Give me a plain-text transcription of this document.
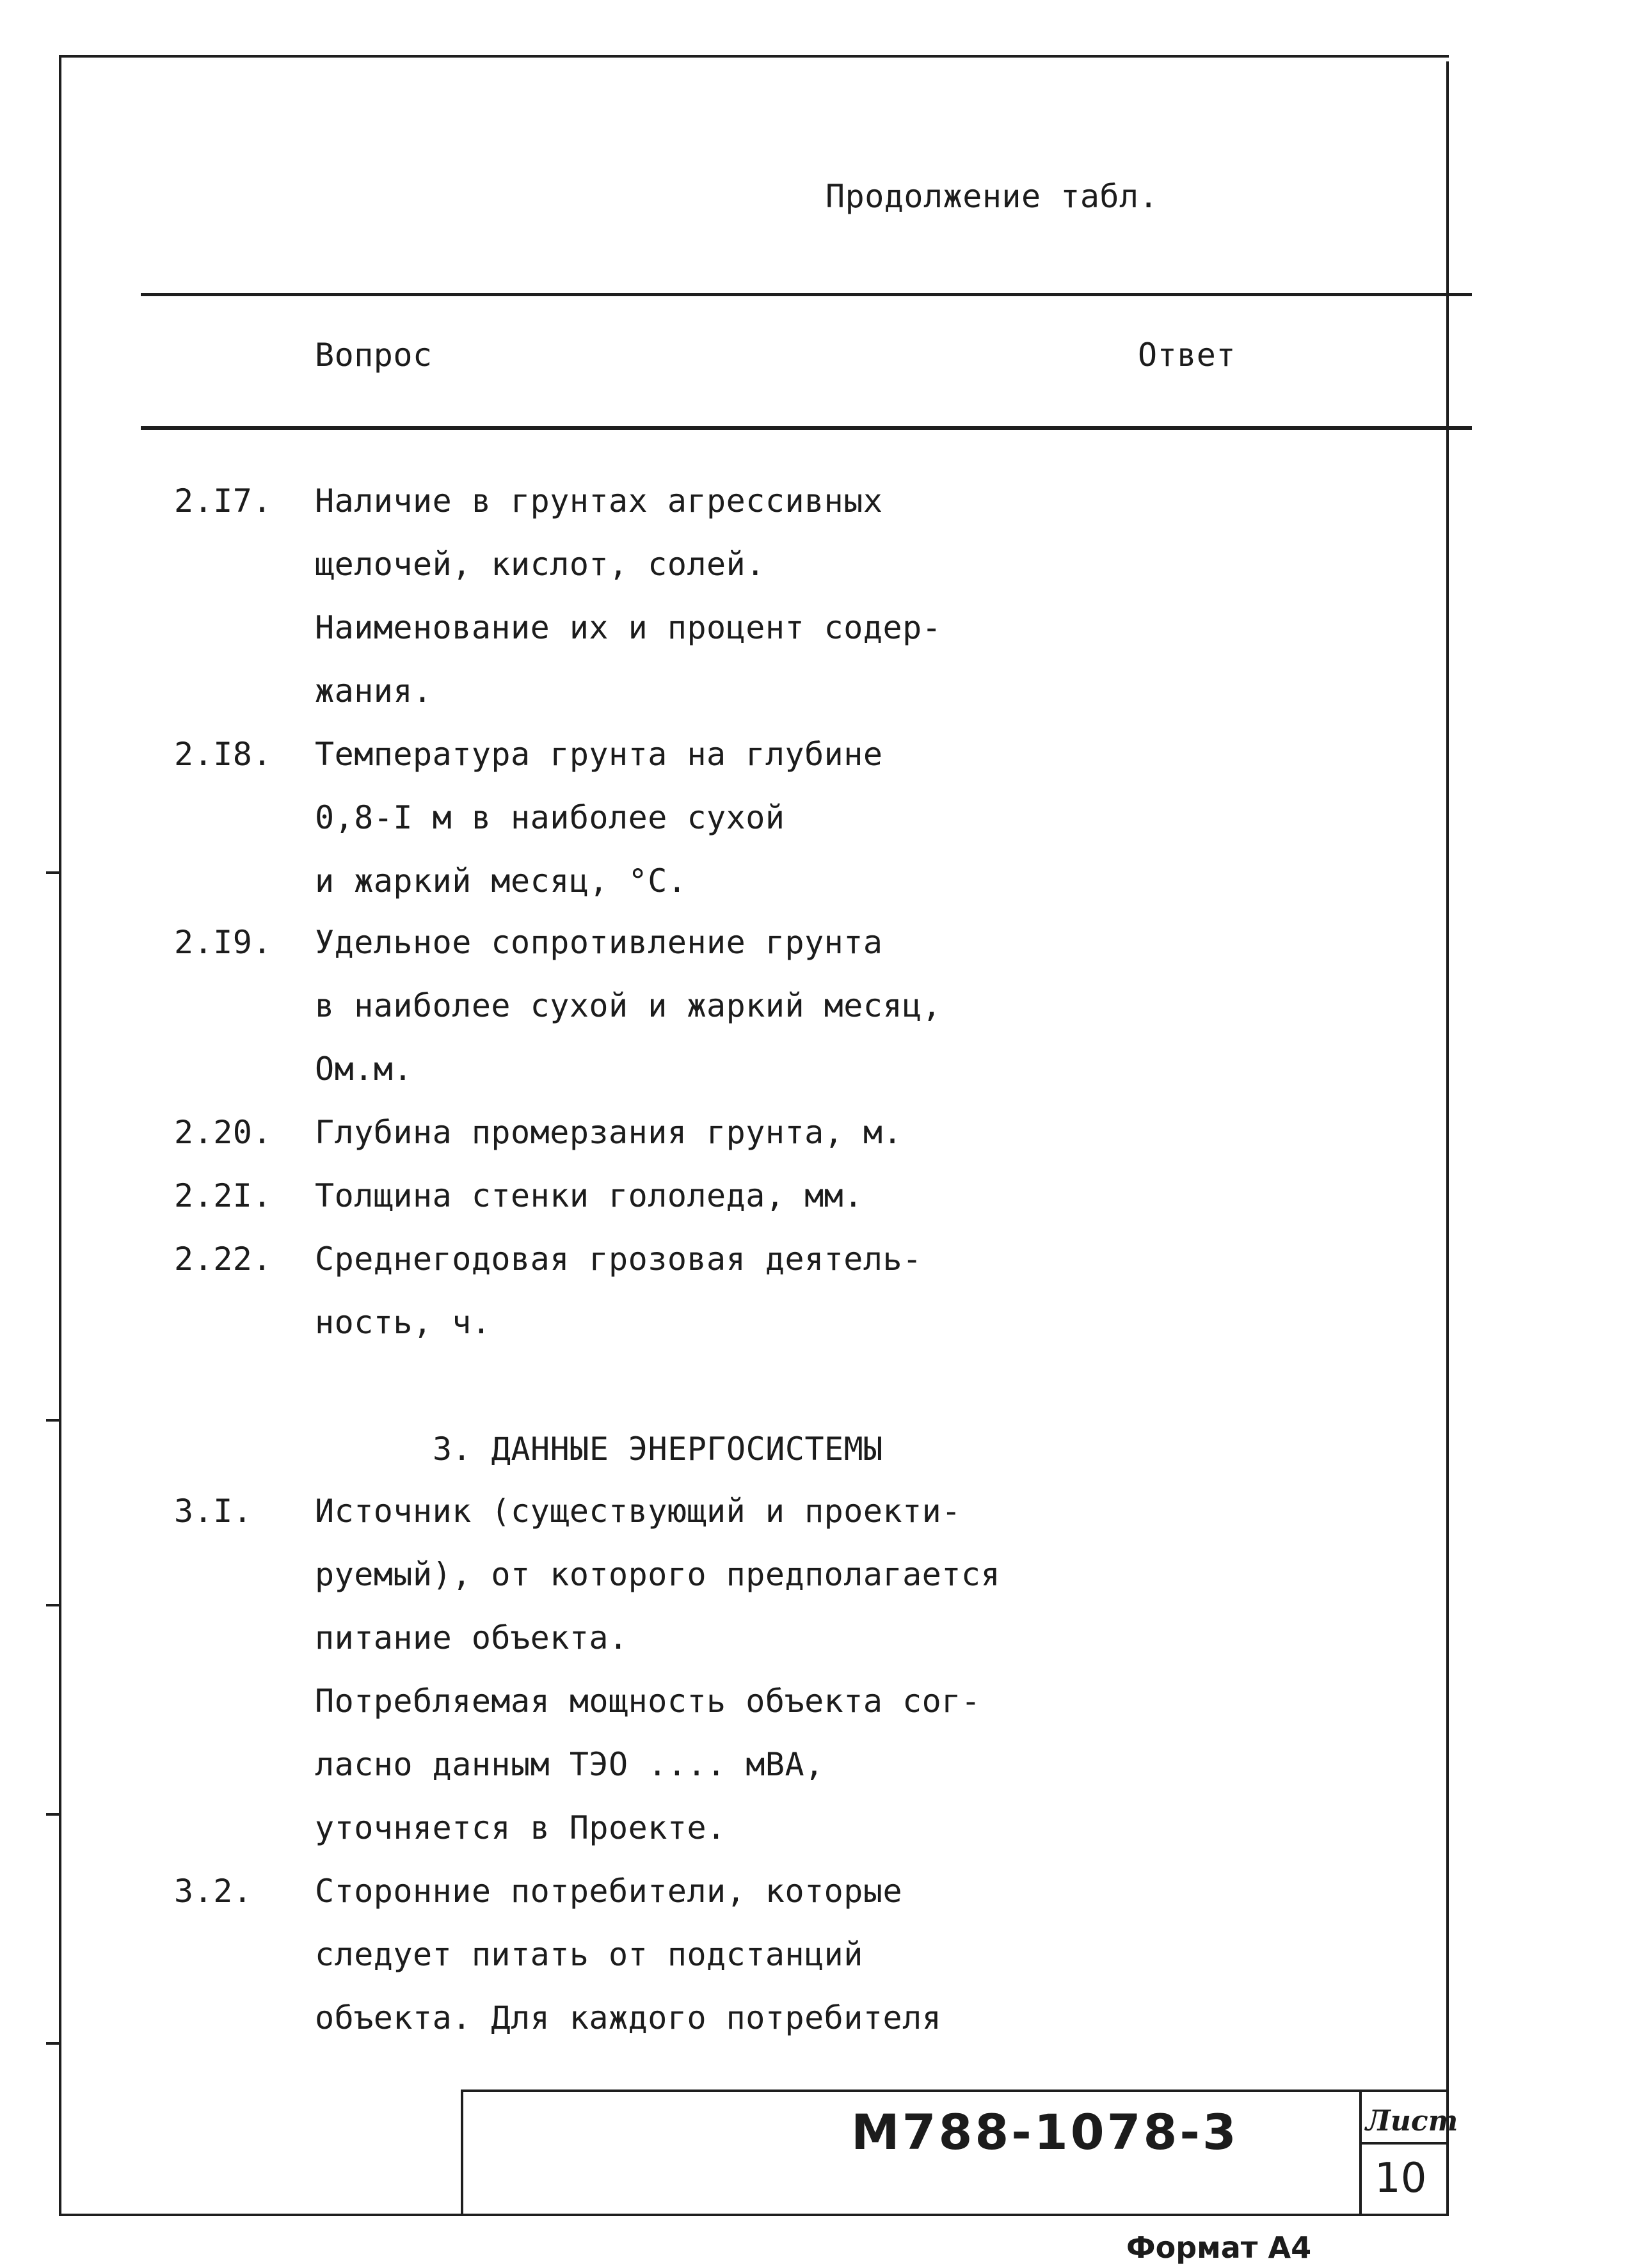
Продолжение табл.
Вопрос	Ответ
2.I7.	Наличие в грунтах агрессивных
щелочей, кислот, солей.
Наименование их и процент содер-
жания.
2.I8.	Температура грунта на глубине
0,8-I м в наиболее сухой
и жаркий месяц, °С.
2.I9.	Удельное сопротивление грунта
в наиболее сухой и жаркий месяц,
Ом.м.
2.20.	Глубина промерзания грунта, м.
2.2I.	Толщина стенки гололеда, мм.
2.22.	Среднегодовая грозовая деятель-
ность, ч.
3. ДАННЫЕ ЭНЕРГОСИСТЕМЫ
3.I.	Источник (существующий и проекти-
руемый), от которого предполагается
питание объекта.
Потребляемая мощность объекта сог-
ласно данным ТЭО .... мВА,
уточняется в Проекте.
3.2.	Сторонние потребители, которые
следует питать от подстанций
объекта. Для каждого потребителя
М788-1078-3	Лист
10
Формат А4
